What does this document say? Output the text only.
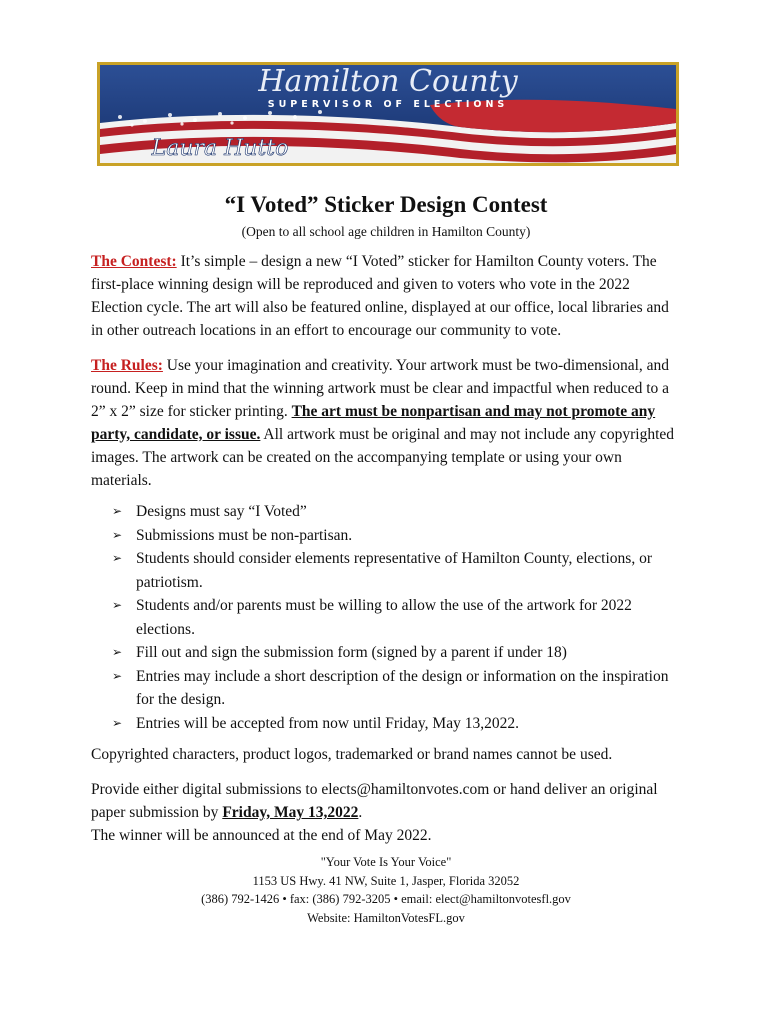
Hamilton County
SUPERVISOR OF ELECTIONS
Laura Hutto
“I Voted” Sticker Design Contest

(Open to all school age children in Hamilton County)

The Contest: It’s simple – design a new “I Voted” sticker for Hamilton County voters. The first-place winning design will be reproduced and given to voters who vote in the 2022 Election cycle. The art will also be featured online, displayed at our office, local libraries and in other outreach locations in an effort to encourage our community to vote.

The Rules: Use your imagination and creativity. Your artwork must be two-dimensional, and round. Keep in mind that the winning artwork must be clear and impactful when reduced to a 2” x 2” size for sticker printing. The art must be nonpartisan and may not promote any party, candidate, or issue. All artwork must be original and may not include any copyrighted images. The artwork can be created on the accompanying template or using your own materials.

➢ Designs must say “I Voted”
➢ Submissions must be non-partisan.
➢ Students should consider elements representative of Hamilton County, elections, or patriotism.
➢ Students and/or parents must be willing to allow the use of the artwork for 2022 elections.
➢ Fill out and sign the submission form (signed by a parent if under 18)
➢ Entries may include a short description of the design or information on the inspiration for the design.
➢ Entries will be accepted from now until Friday, May 13,2022.

Copyrighted characters, product logos, trademarked or brand names cannot be used.

Provide either digital submissions to elects@hamiltonvotes.com or hand deliver an original paper submission by Friday, May 13,2022.
The winner will be announced at the end of May 2022.

"Your Vote Is Your Voice"
1153 US Hwy. 41 NW, Suite 1, Jasper, Florida 32052
(386) 792-1426 • fax: (386) 792-3205 • email: elect@hamiltonvotesfl.gov
Website: HamiltonVotesFL.gov
